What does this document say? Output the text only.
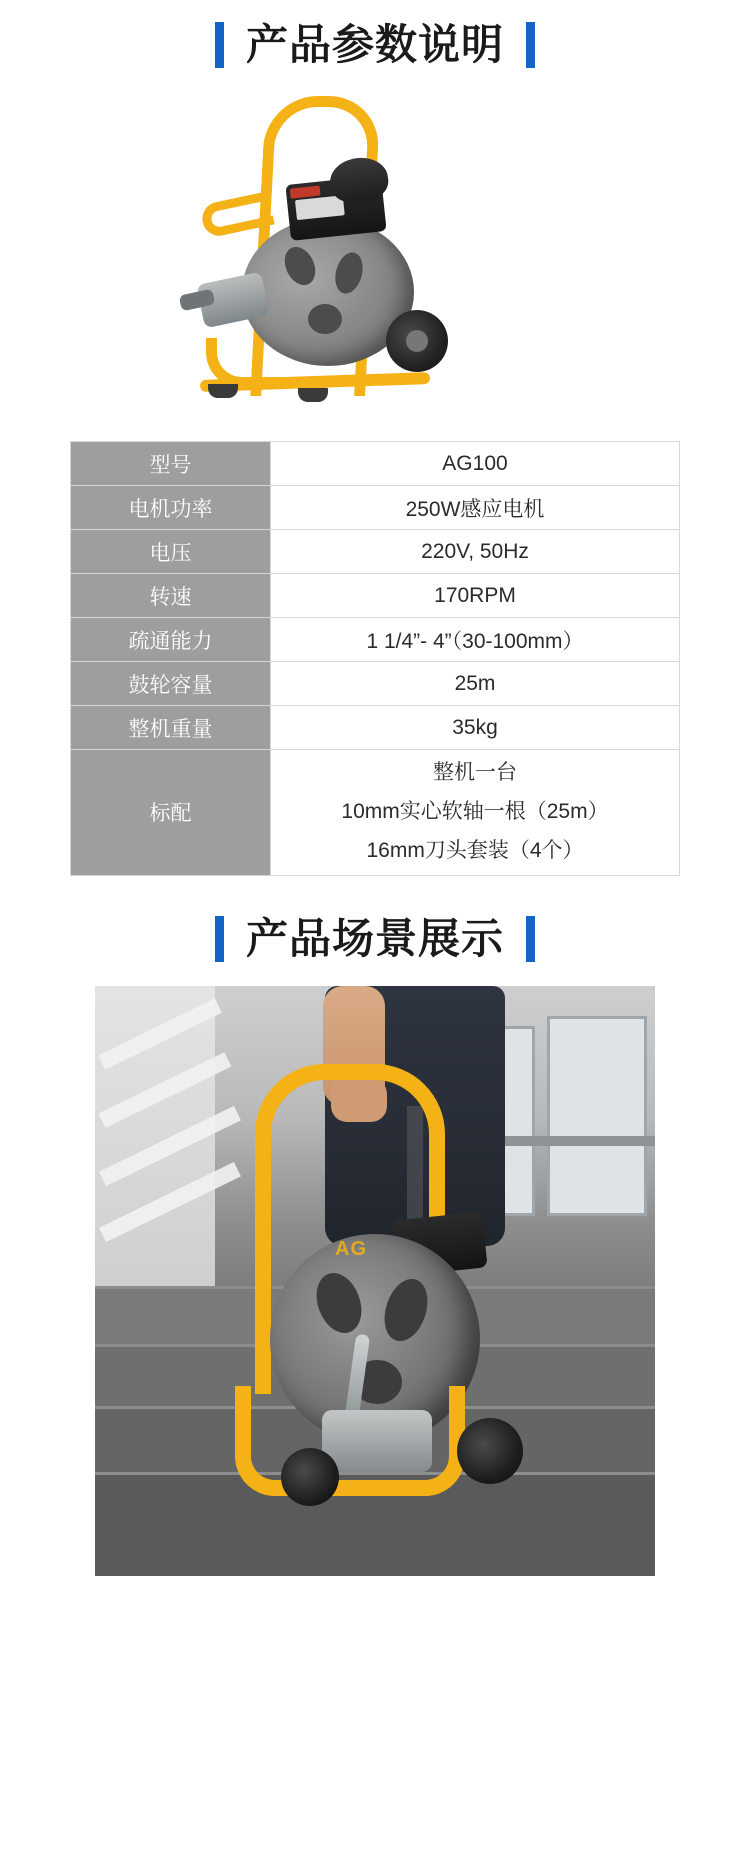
产品参数说明
型号	AG100
电机功率	250W感应电机
电压	220V, 50Hz
转速	170RPM
疏通能力	1 1/4”- 4”（30-100mm）
鼓轮容量	25m
整机重量	35kg
标配	整机一台
10mm实心软轴一根（25m）
16mm刀头套装（4个）
产品场景展示
AG
